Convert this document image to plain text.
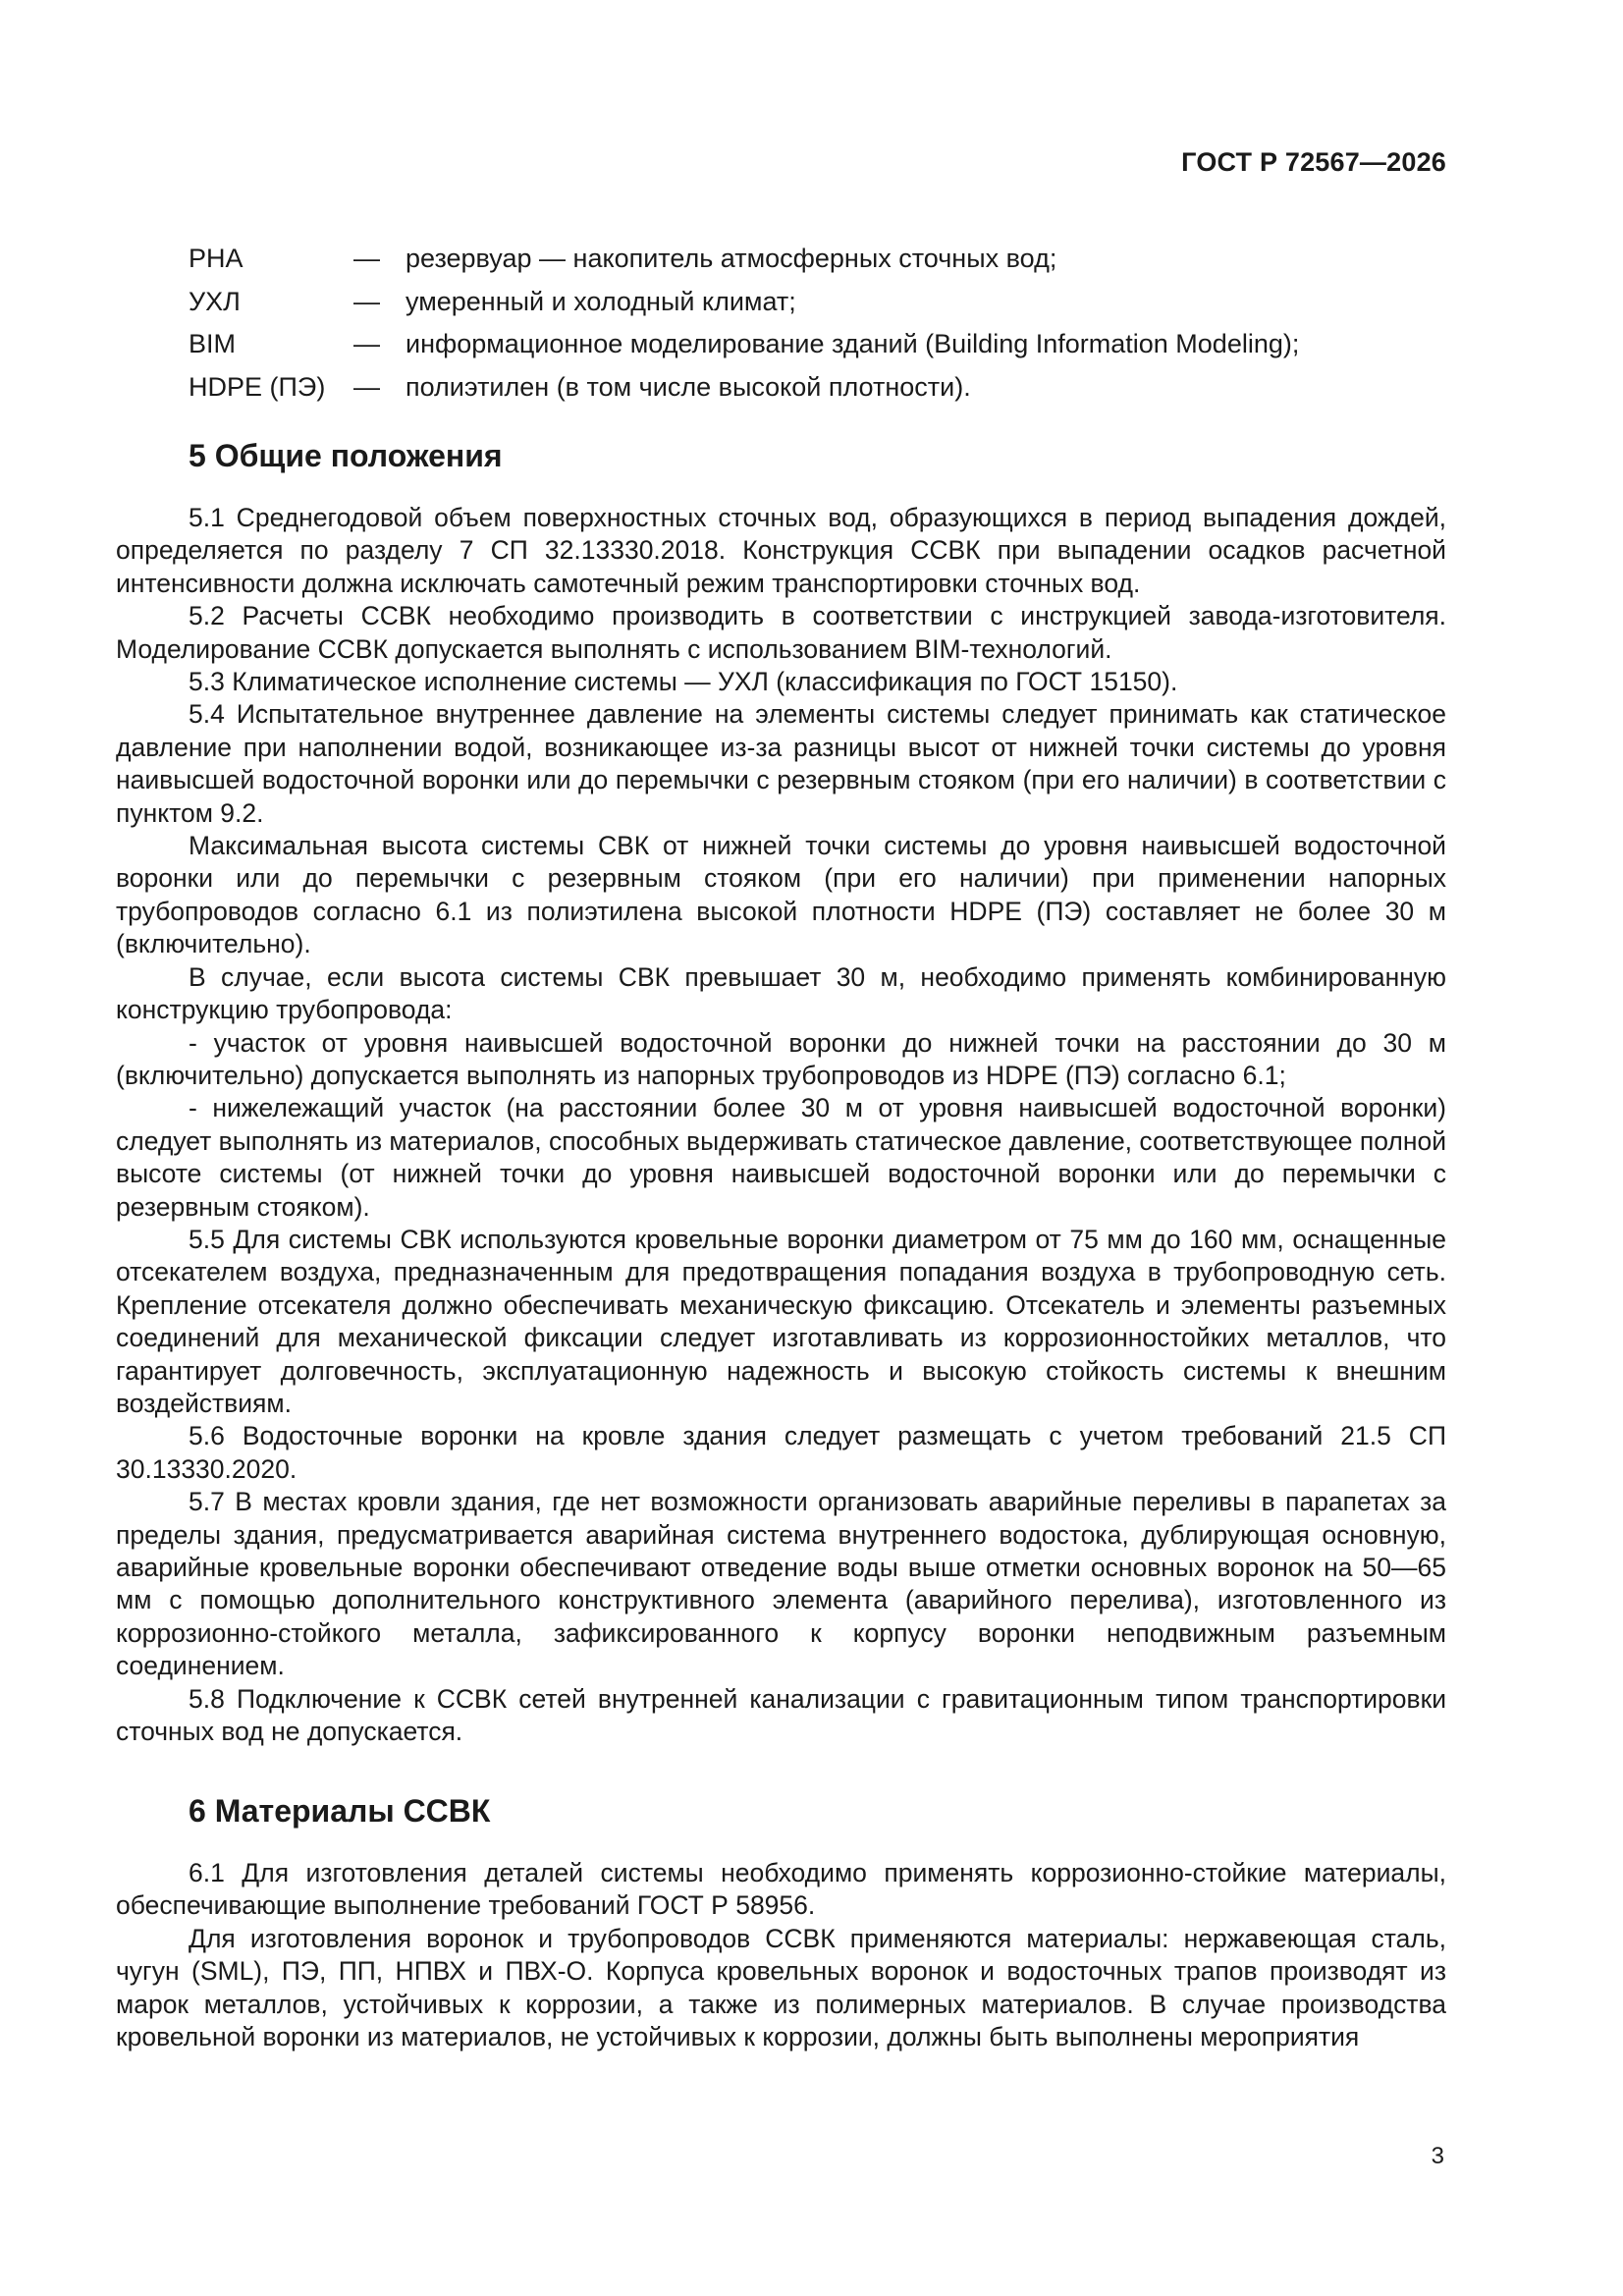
ГОСТ Р 72567—2026
РНА	— резервуар — накопитель атмосферных сточных вод;
УХЛ	— умеренный и холодный климат;
BIM	— информационное моделирование зданий (Building Information Modeling);
HDPE (ПЭ)	— полиэтилен (в том числе высокой плотности).
5 Общие положения

5.1 Среднегодовой объем поверхностных сточных вод, образующихся в период выпадения дождей, определяется по разделу 7 СП 32.13330.2018. Конструкция ССВК при выпадении осадков расчетной интенсивности должна исключать самотечный режим транспортировки сточных вод.

5.2 Расчеты ССВК необходимо производить в соответствии с инструкцией завода-изготовителя. Моделирование ССВК допускается выполнять с использованием BIM-технологий.

5.3 Климатическое исполнение системы — УХЛ (классификация по ГОСТ 15150).

5.4 Испытательное внутреннее давление на элементы системы следует принимать как статическое давление при наполнении водой, возникающее из-за разницы высот от нижней точки системы до уровня наивысшей водосточной воронки или до перемычки с резервным стояком (при его наличии) в соответствии с пунктом 9.2.

Максимальная высота системы СВК от нижней точки системы до уровня наивысшей водосточной воронки или до перемычки с резервным стояком (при его наличии) при применении напорных трубопроводов согласно 6.1 из полиэтилена высокой плотности HDPE (ПЭ) составляет не более 30 м (включительно).

В случае, если высота системы СВК превышает 30 м, необходимо применять комбинированную конструкцию трубопровода:

- участок от уровня наивысшей водосточной воронки до нижней точки на расстоянии до 30 м (включительно) допускается выполнять из напорных трубопроводов из HDPE (ПЭ) согласно 6.1;

- нижележащий участок (на расстоянии более 30 м от уровня наивысшей водосточной воронки) следует выполнять из материалов, способных выдерживать статическое давление, соответствующее полной высоте системы (от нижней точки до уровня наивысшей водосточной воронки или до перемычки с резервным стояком).

5.5 Для системы СВК используются кровельные воронки диаметром от 75 мм до 160 мм, оснащенные отсекателем воздуха, предназначенным для предотвращения попадания воздуха в трубопроводную сеть. Крепление отсекателя должно обеспечивать механическую фиксацию. Отсекатель и элементы разъемных соединений для механической фиксации следует изготавливать из коррозионностойких металлов, что гарантирует долговечность, эксплуатационную надежность и высокую стойкость системы к внешним воздействиям.

5.6 Водосточные воронки на кровле здания следует размещать с учетом требований 21.5 СП 30.13330.2020.

5.7 В местах кровли здания, где нет возможности организовать аварийные переливы в парапетах за пределы здания, предусматривается аварийная система внутреннего водостока, дублирующая основную, аварийные кровельные воронки обеспечивают отведение воды выше отметки основных воронок на 50—65 мм с помощью дополнительного конструктивного элемента (аварийного перелива), изготовленного из коррозионно-стойкого металла, зафиксированного к корпусу воронки неподвижным разъемным соединением.

5.8 Подключение к ССВК сетей внутренней канализации с гравитационным типом транспортировки сточных вод не допускается.

6 Материалы ССВК

6.1 Для изготовления деталей системы необходимо применять коррозионно-стойкие материалы, обеспечивающие выполнение требований ГОСТ Р 58956.

Для изготовления воронок и трубопроводов ССВК применяются материалы: нержавеющая сталь, чугун (SML), ПЭ, ПП, НПВХ и ПВХ-О. Корпуса кровельных воронок и водосточных трапов производят из марок металлов, устойчивых к коррозии, а также из полимерных материалов. В случае производства кровельной воронки из материалов, не устойчивых к коррозии, должны быть выполнены мероприятия

3
